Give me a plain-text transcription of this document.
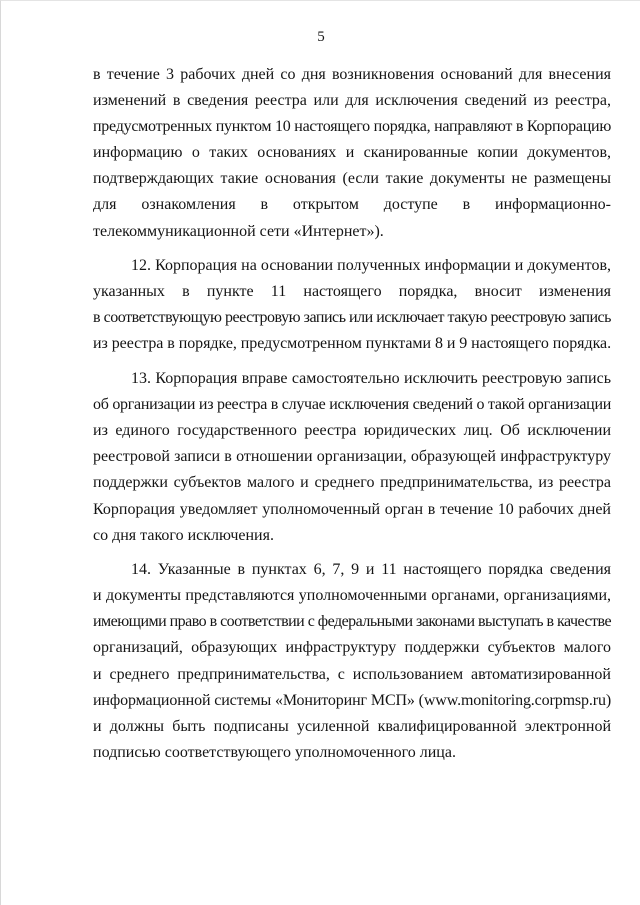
5

в течение 3 рабочих дней со дня возникновения оснований для внесения
изменений в сведения реестра или для исключения сведений из реестра,
предусмотренных пунктом 10 настоящего порядка, направляют в Корпорацию
информацию о таких основаниях и сканированные копии документов,
подтверждающих такие основания (если такие документы не размещены
для ознакомления в открытом доступе в информационно-
телекоммуникационной сети «Интернет»).

12. Корпорация на основании полученных информации и документов,
указанных в пункте 11 настоящего порядка, вносит изменения
в соответствующую реестровую запись или исключает такую реестровую запись
из реестра в порядке, предусмотренном пунктами 8 и 9 настоящего порядка.

13. Корпорация вправе самостоятельно исключить реестровую запись
об организации из реестра в случае исключения сведений о такой организации
из единого государственного реестра юридических лиц. Об исключении
реестровой записи в отношении организации, образующей инфраструктуру
поддержки субъектов малого и среднего предпринимательства, из реестра
Корпорация уведомляет уполномоченный орган в течение 10 рабочих дней
со дня такого исключения.

14. Указанные в пунктах 6, 7, 9 и 11 настоящего порядка сведения
и документы представляются уполномоченными органами, организациями,
имеющими право в соответствии с федеральными законами выступать в качестве
организаций, образующих инфраструктуру поддержки субъектов малого
и среднего предпринимательства, с использованием автоматизированной
информационной системы «Мониторинг МСП» (www.monitoring.corpmsp.ru)
и должны быть подписаны усиленной квалифицированной электронной
подписью соответствующего уполномоченного лица.
